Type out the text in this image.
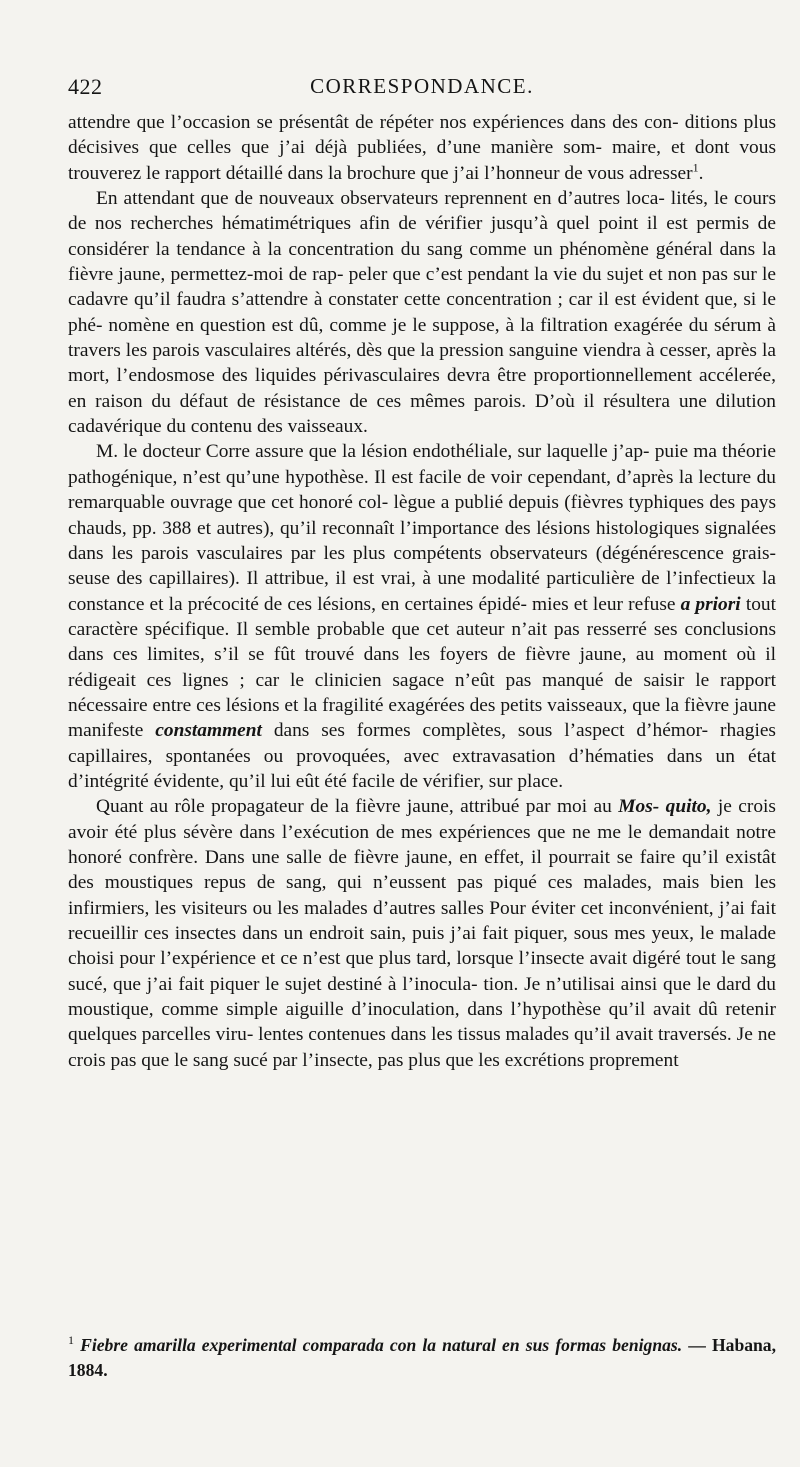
422	CORRESPONDANCE.

attendre que l’occasion se présentât de répéter nos expériences dans des con- ditions plus décisives que celles que j’ai déjà publiées, d’une manière som- maire, et dont vous trouverez le rapport détaillé dans la brochure que j’ai l’honneur de vous adresser$^1$.

En attendant que de nouveaux observateurs reprennent en d’autres loca- lités, le cours de nos recherches hématimétriques afin de vérifier jusqu’à quel point il est permis de considérer la tendance à la concentration du sang comme un phénomène général dans la fièvre jaune, permettez-moi de rap- peler que c’est pendant la vie du sujet et non pas sur le cadavre qu’il faudra s’attendre à constater cette concentration ; car il est évident que, si le phé- nomène en question est dû, comme je le suppose, à la filtration exagérée du sérum à travers les parois vasculaires altérés, dès que la pression sanguine viendra à cesser, après la mort, l’endosmose des liquides périvasculaires devra être proportionnellement accélerée, en raison du défaut de résistance de ces mêmes parois. D’où il résultera une dilution cadavérique du contenu des vaisseaux.

M. le docteur Corre assure que la lésion endothéliale, sur laquelle j’ap- puie ma théorie pathogénique, n’est qu’une hypothèse. Il est facile de voir cependant, d’après la lecture du remarquable ouvrage que cet honoré col- lègue a publié depuis (fièvres typhiques des pays chauds, pp. 388 et autres), qu’il reconnaît l’importance des lésions histologiques signalées dans les parois vasculaires par les plus compétents observateurs (dégénérescence grais- seuse des capillaires). Il attribue, il est vrai, à une modalité particulière de l’infectieux la constance et la précocité de ces lésions, en certaines épidé- mies et leur refuse a priori tout caractère spécifique. Il semble probable que cet auteur n’ait pas resserré ses conclusions dans ces limites, s’il se fût trouvé dans les foyers de fièvre jaune, au moment où il rédigeait ces lignes ; car le clinicien sagace n’eût pas manqué de saisir le rapport nécessaire entre ces lésions et la fragilité exagérées des petits vaisseaux, que la fièvre jaune manifeste constamment dans ses formes complètes, sous l’aspect d’hémor- rhagies capillaires, spontanées ou provoquées, avec extravasation d’hématies dans un état d’intégrité évidente, qu’il lui eût été facile de vérifier, sur place.

Quant au rôle propagateur de la fièvre jaune, attribué par moi au Mos- quito, je crois avoir été plus sévère dans l’exécution de mes expériences que ne me le demandait notre honoré confrère. Dans une salle de fièvre jaune, en effet, il pourrait se faire qu’il existât des moustiques repus de sang, qui n’eussent pas piqué ces malades, mais bien les infirmiers, les visiteurs ou les malades d’autres salles Pour éviter cet inconvénient, j’ai fait recueillir ces insectes dans un endroit sain, puis j’ai fait piquer, sous mes yeux, le malade choisi pour l’expérience et ce n’est que plus tard, lorsque l’insecte avait digéré tout le sang sucé, que j’ai fait piquer le sujet destiné à l’inocula- tion. Je n’utilisai ainsi que le dard du moustique, comme simple aiguille d’inoculation, dans l’hypothèse qu’il avait dû retenir quelques parcelles viru- lentes contenues dans les tissus malades qu’il avait traversés. Je ne crois pas que le sang sucé par l’insecte, pas plus que les excrétions proprement

$^1$ Fiebre amarilla experimental comparada con la natural en sus formas benignas. — Habana, 1884.
